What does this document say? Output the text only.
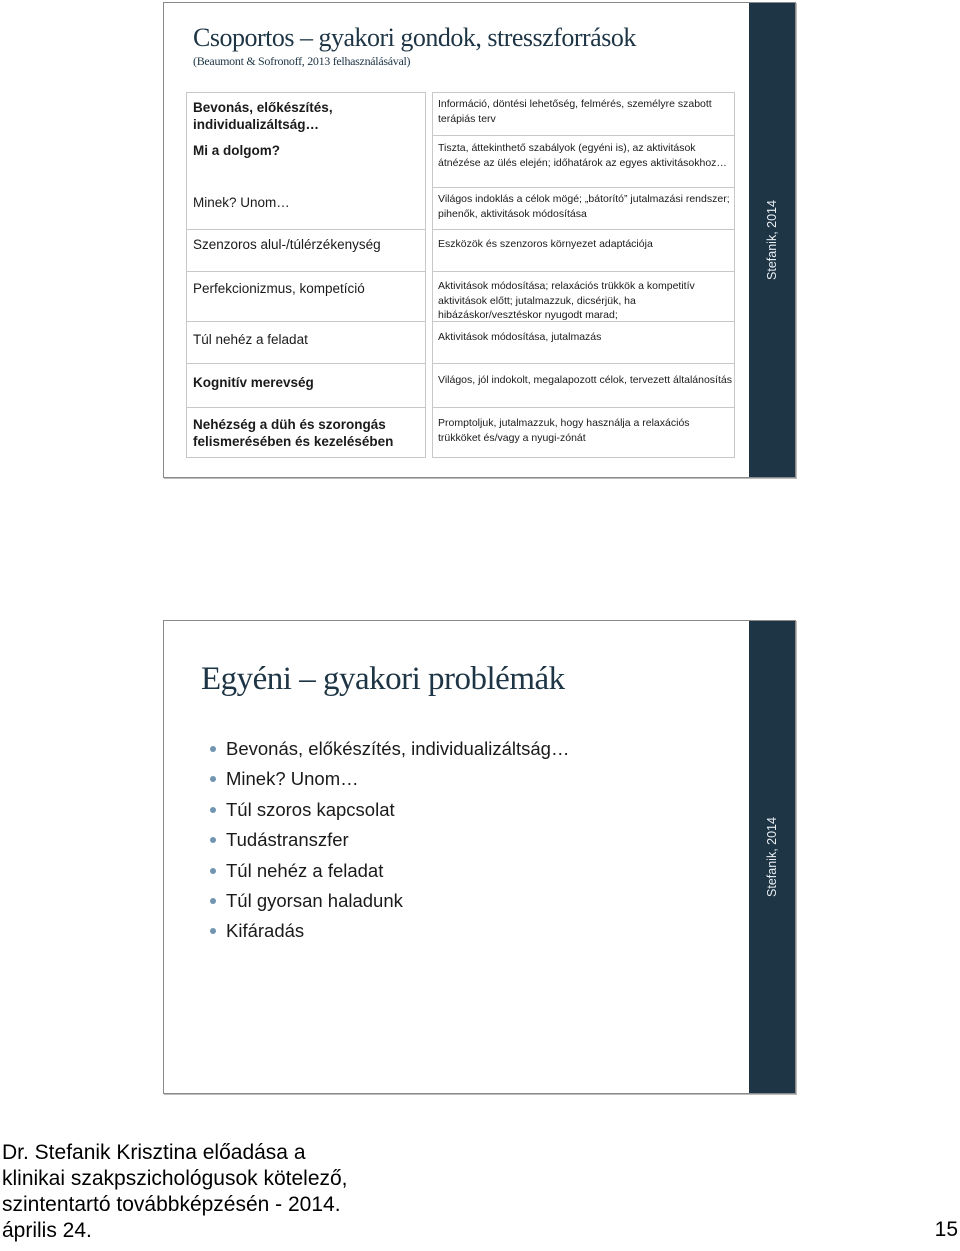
Csoportos – gyakori gondok, stresszforrások
(Beaumont & Sofronoff, 2013 felhasználásával)
Bevonás, előkészítés, individualizáltság…
Mi a dolgom?
Minek? Unom…
Szenzoros alul-/túlérzékenység
Perfekcionizmus, kompetíció
Túl nehéz a feladat
Kognitív merevség
Nehézség a düh és szorongás felismerésében és kezelésében
Információ, döntési lehetőség, felmérés, személyre szabott terápiás terv
Tiszta, áttekinthető szabályok (egyéni is), az aktivitások átnézése az ülés elején; időhatárok az egyes aktivitásokhoz…
Világos indoklás a célok mögé; „bátorító” jutalmazási rendszer; pihenők, aktivitások módosítása
Eszközök és szenzoros környezet adaptációja
Aktivitások módosítása; relaxációs trükkök a kompetitív aktivitások előtt; jutalmazzuk, dicsérjük, ha hibázáskor/vesztéskor nyugodt marad;
Aktivitások módosítása, jutalmazás
Világos, jól indokolt, megalapozott célok, tervezett általánosítás
Promptoljuk, jutalmazzuk, hogy használja a relaxációs trükköket és/vagy a nyugi-zónát
Stefanik, 2014
Egyéni – gyakori problémák
Bevonás, előkészítés, individualizáltság…
Minek? Unom…
Túl szoros kapcsolat
Tudástranszfer
Túl nehéz a feladat
Túl gyorsan haladunk
Kifáradás
Stefanik, 2014
Dr. Stefanik Krisztina előadása a
klinikai szakpszichológusok kötelező,
szintentartó továbbképzésén - 2014.
április 24.	15
